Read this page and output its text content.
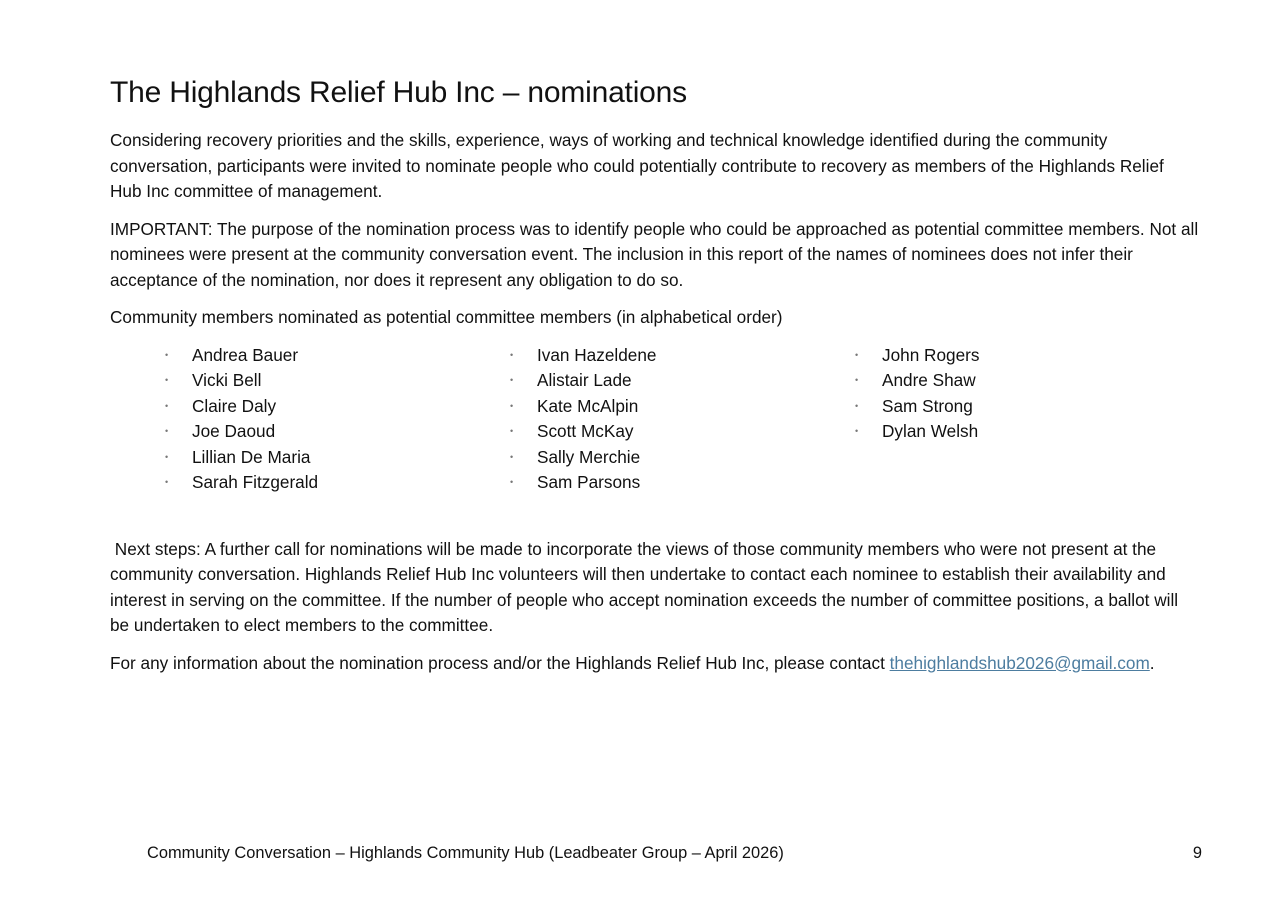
The Highlands Relief Hub Inc – nominations

Considering recovery priorities and the skills, experience, ways of working and technical knowledge identified during the community conversation, participants were invited to nominate people who could potentially contribute to recovery as members of the Highlands Relief Hub Inc committee of management.

IMPORTANT: The purpose of the nomination process was to identify people who could be approached as potential committee members. Not all nominees were present at the community conversation event. The inclusion in this report of the names of nominees does not infer their acceptance of the nomination, nor does it represent any obligation to do so.

Community members nominated as potential committee members (in alphabetical order)

•	Andrea Bauer
•	Vicki Bell
•	Claire Daly
•	Joe Daoud
•	Lillian De Maria
•	Sarah Fitzgerald
•	Ivan Hazeldene
•	Alistair Lade
•	Kate McAlpin
•	Scott McKay
•	Sally Merchie
•	Sam Parsons
•	John Rogers
•	Andre Shaw
•	Sam Strong
•	Dylan Welsh

Next steps: A further call for nominations will be made to incorporate the views of those community members who were not present at the community conversation. Highlands Relief Hub Inc volunteers will then undertake to contact each nominee to establish their availability and interest in serving on the committee. If the number of people who accept nomination exceeds the number of committee positions, a ballot will be undertaken to elect members to the committee.

For any information about the nomination process and/or the Highlands Relief Hub Inc, please contact thehighlandshub2026@gmail.com.

Community Conversation – Highlands Community Hub (Leadbeater Group – April 2026)	9
